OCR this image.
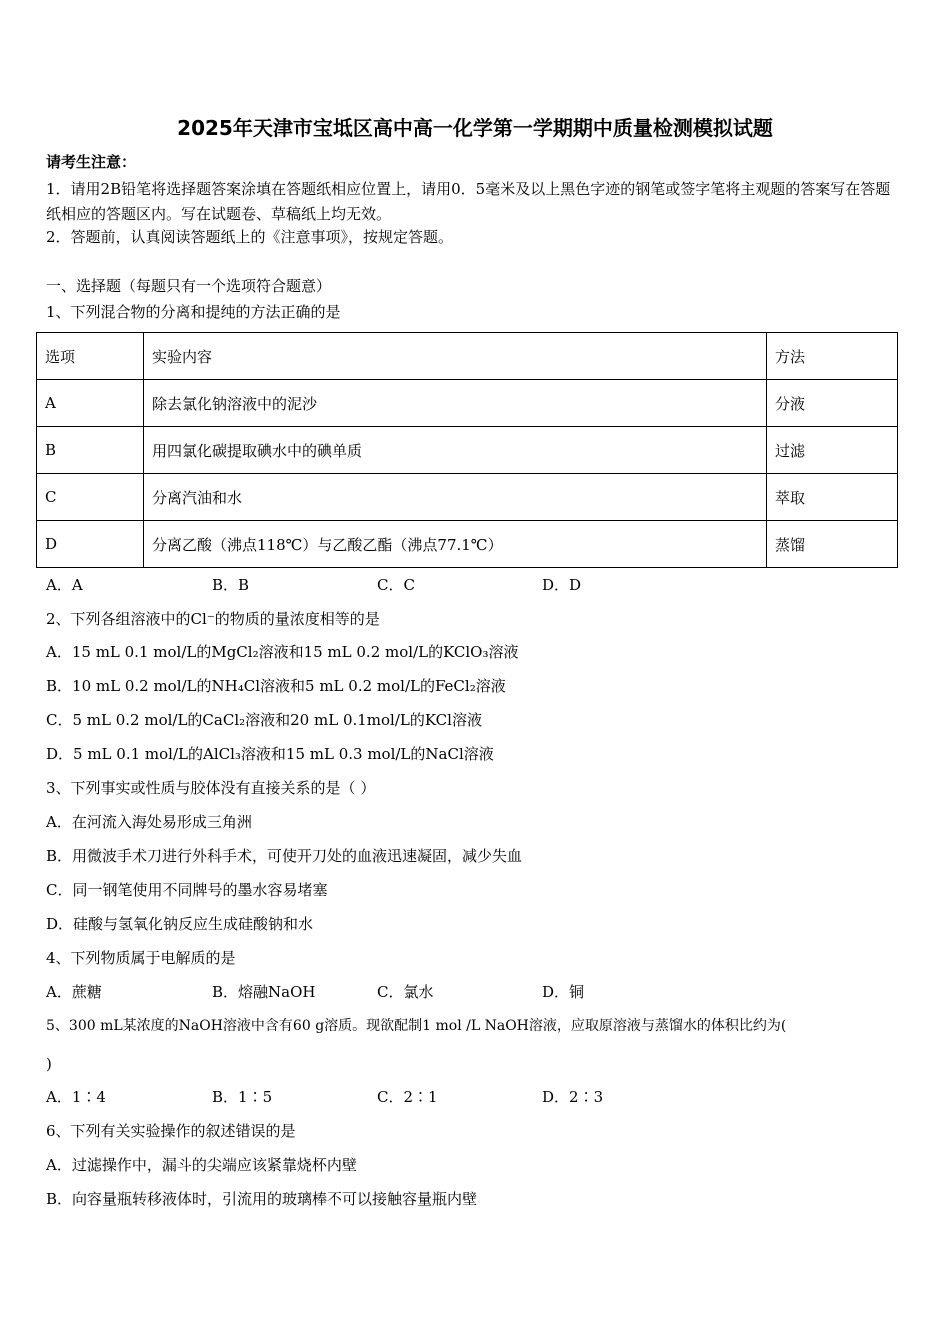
2025年天津市宝坻区高中高一化学第一学期期中质量检测模拟试题
请考生注意：
1．请用2B铅笔将选择题答案涂填在答题纸相应位置上，请用0．5毫米及以上黑色字迹的钢笔或签字笔将主观题的答案写在答题纸相应的答题区内。写在试题卷、草稿纸上均无效。
2．答题前，认真阅读答题纸上的《注意事项》，按规定答题。
一、选择题（每题只有一个选项符合题意）
1、下列混合物的分离和提纯的方法正确的是
选项	实验内容	方法
A	除去氯化钠溶液中的泥沙	分液
B	用四氯化碳提取碘水中的碘单质	过滤
C	分离汽油和水	萃取
D	分离乙酸（沸点118℃）与乙酸乙酯（沸点77.1℃）	蒸馏
A．A	B．B	C．C	D．D
2、下列各组溶液中的Cl⁻的物质的量浓度相等的是
A．15 mL 0.1 mol/L的MgCl₂溶液和15 mL 0.2 mol/L的KClO₃溶液
B．10 mL 0.2 mol/L的NH₄Cl溶液和5 mL 0.2 mol/L的FeCl₂溶液
C．5 mL 0.2 mol/L的CaCl₂溶液和20 mL 0.1mol/L的KCl溶液
D．5 mL 0.1 mol/L的AlCl₃溶液和15 mL 0.3 mol/L的NaCl溶液
3、下列事实或性质与胶体没有直接关系的是（ ）
A．在河流入海处易形成三角洲
B．用微波手术刀进行外科手术，可使开刀处的血液迅速凝固，减少失血
C．同一钢笔使用不同牌号的墨水容易堵塞
D．硅酸与氢氧化钠反应生成硅酸钠和水
4、下列物质属于电解质的是
A．蔗糖	B．熔融NaOH	C．氯水	D．铜
5、300 mL某浓度的NaOH溶液中含有60 g溶质。现欲配制1 mol /L NaOH溶液，应取原溶液与蒸馏水的体积比约为(
)
A．1∶4	B．1∶5	C．2∶1	D．2∶3
6、下列有关实验操作的叙述错误的是
A．过滤操作中，漏斗的尖端应该紧靠烧杯内壁
B．向容量瓶转移液体时，引流用的玻璃棒不可以接触容量瓶内壁
